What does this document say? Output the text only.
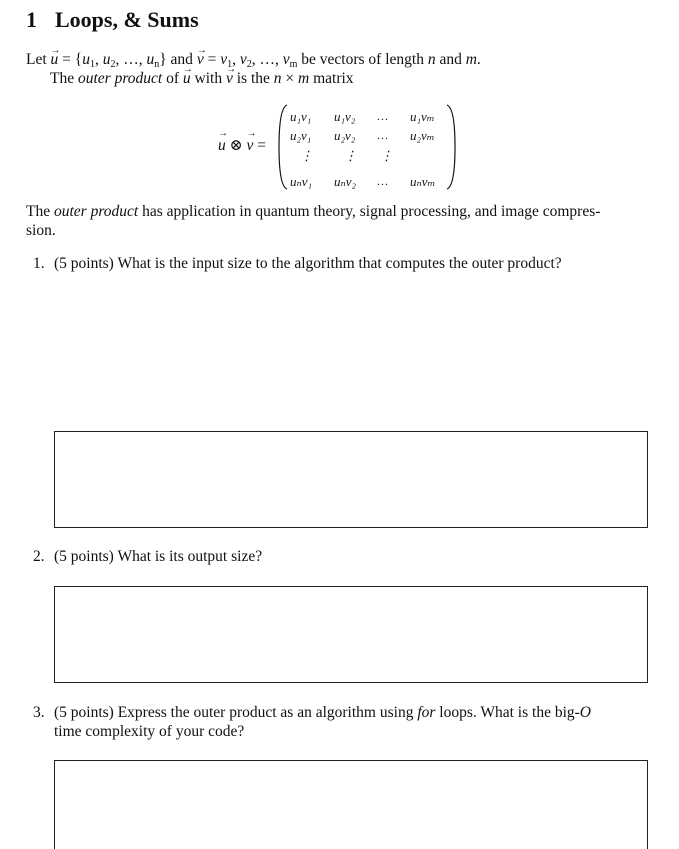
1 Loops, & Sums
Let → $u = \{u_1$, $u_2$, …, $u_n$} and → $v = v_1$, $v_2$, …, $v_m$ be vectors of length n and m.
The outer product of → u with → v is the n × m matrix
→ u ⊗ → v =
u₁v₁ u₁v₂ ... u₁vₘ
u₂v₁ u₂v₂ ... u₂vₘ
⋮ ⋮ ⋮
uₙv₁ uₙv₂ ... uₙvₘ
The outer product has application in quantum theory, signal processing, and image compres-
sion.
1. (5 points) What is the input size to the algorithm that computes the outer product?
2. (5 points) What is its output size?
3. (5 points) Express the outer product as an algorithm using for loops. What is the big-O
time complexity of your code?
